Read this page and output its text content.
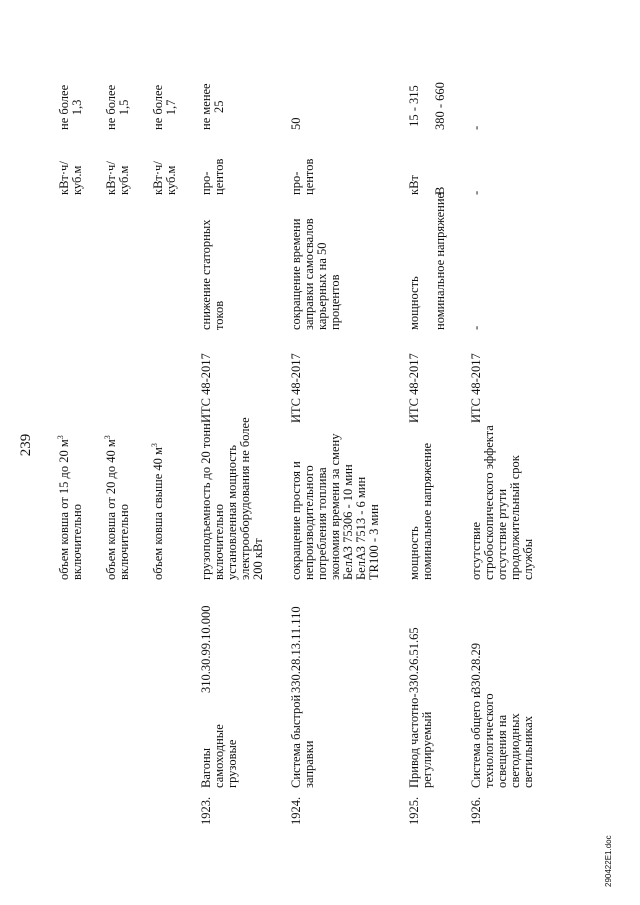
239 объем ковша от 15 до 20 $м^3$
включительно
кВт·ч/
куб.м
не более
1,3
объем ковша от 20 до 40 $м^3$
включительно
кВт·ч/
куб.м
не более
1,5
объем ковша свыше 40 $м^3$
кВт·ч/
куб.м
не более
1,7
1923.
Вагоны
самоходные
грузовые
310.30.99.10.000
грузоподъемность до 20 тонн
включительно
установленная мощность
электрооборудования не более
200 кВт
ИТС 48-2017
снижение статорных
токов
про-
центов
не менее
25
1924.
Система быстрой
заправки
330.28.13.11.110
сокращение простоя и
непроизводительного
потребления топлива
экономия времени за смену
БелАЗ 75306 - 10 мин
БелАЗ 7513 - 6 мин
TR100 - 3 мин
ИТС 48-2017
сокращение времени
заправки самосвалов
карьерных на 50
процентов
про-
центов
50
1925.
Привод частотно-
регулируемый
330.26.51.65
мощность
номинальное напряжение
ИТС 48-2017
мощность номинальное напряжение
кВт В
15 - 315 380 - 660
1926.
Система общего и
технологического
освещения на
светодиодных
светильниках
330.28.29
отсутствие
стробоскопического эффекта
отсутствие ртути
продолжительный срок
службы
ИТС 48-2017
-
-
-
290422E1.doc
